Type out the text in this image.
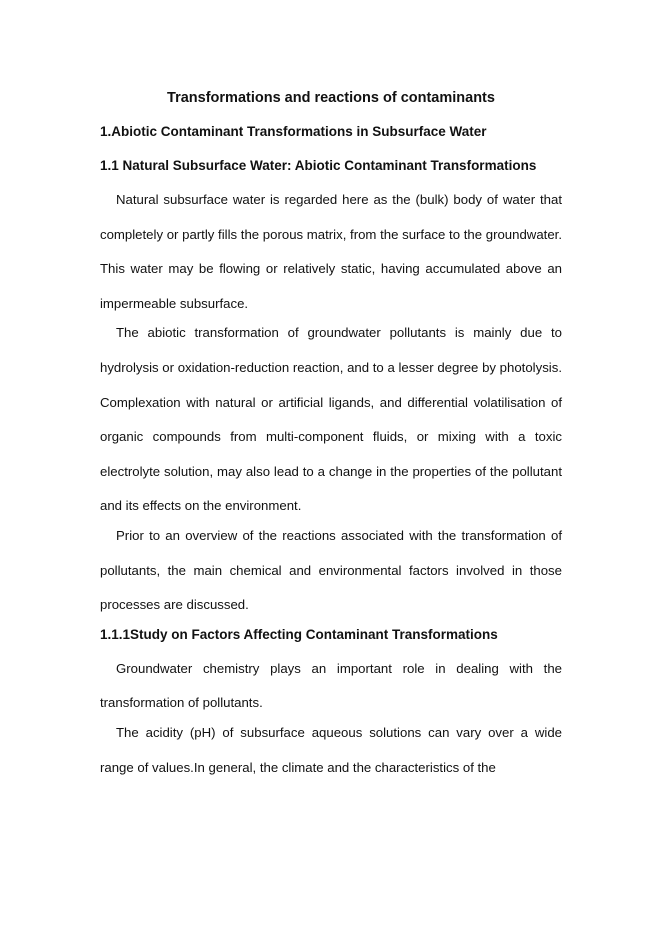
Transformations and reactions of contaminants
1.Abiotic Contaminant Transformations in Subsurface Water
1.1 Natural Subsurface Water: Abiotic Contaminant Transformations

Natural subsurface water is regarded here as the (bulk) body of water that completely or partly fills the porous matrix, from the surface to the groundwater. This water may be flowing or relatively static, having accumulated above an impermeable subsurface.

The abiotic transformation of groundwater pollutants is mainly due to hydrolysis or oxidation-reduction reaction, and to a lesser degree by photolysis. Complexation with natural or artificial ligands, and differential volatilisation of organic compounds from multi-component fluids, or mixing with a toxic electrolyte solution, may also lead to a change in the properties of the pollutant and its effects on the environment.

Prior to an overview of the reactions associated with the transformation of pollutants, the main chemical and environmental factors involved in those processes are discussed.

1.1.1Study on Factors Affecting Contaminant Transformations

Groundwater chemistry plays an important role in dealing with the transformation of pollutants.

The acidity (pH) of subsurface aqueous solutions can vary over a wide range of values.In general, the climate and the characteristics of the
